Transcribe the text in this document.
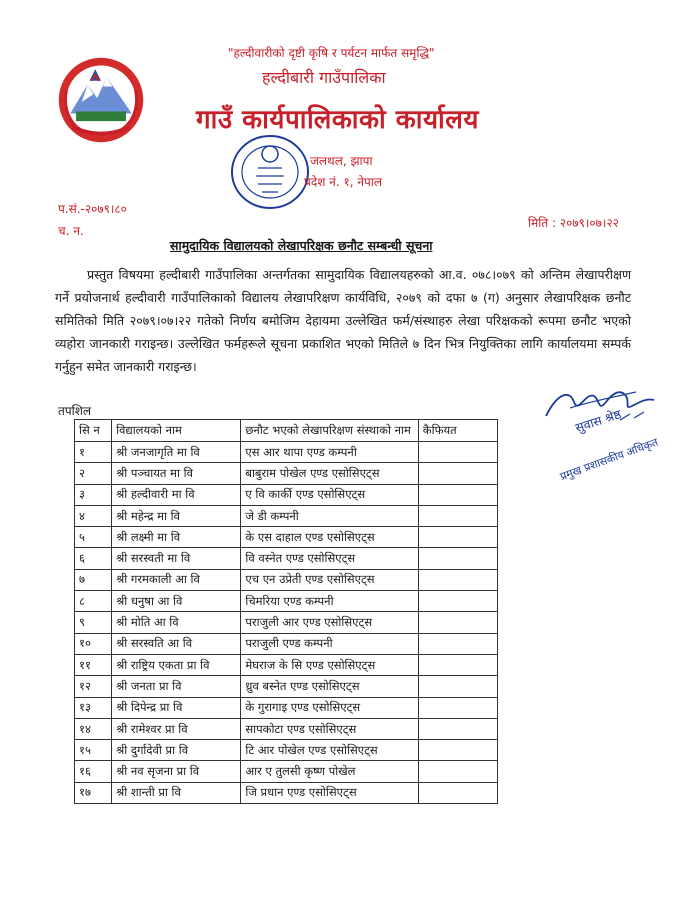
"हल्दीवारीको दृष्टी कृषि र पर्यटन मार्फत समृद्धि"
हल्दीबारी गाउँपालिका
गाउँ कार्यपालिकाको कार्यालय
जलथल, झापा
प्रदेश नं. १, नेपाल
प.सं.-२०७९।८०
च. न.
मिति : २०७९।०७।२२
सामुदायिक विद्यालयको लेखापरिक्षक छनौट सम्बन्धी सूचना
प्रस्तुत विषयमा हल्दीबारी गाउँपालिका अन्तर्गतका सामुदायिक विद्यालयहरुको आ.व. ०७८।०७९ को अन्तिम लेखापरीक्षण गर्ने प्रयोजनार्थ हल्दीवारी गाउँपालिकाको विद्यालय लेखापरिक्षण कार्यविधि, २०७९ को दफा ७ (ग) अनुसार लेखापरिक्षक छनौट समितिको मिति २०७९।०७।२२ गतेको निर्णय बमोजिम देहायमा उल्लेखित फर्म/संस्थाहरु लेखा परिक्षकको रूपमा छनौट भएको व्यहोरा जानकारी गराइन्छ। उल्लेखित फर्महरूले सूचना प्रकाशित भएको मितिले ७ दिन भित्र नियुक्तिका लागि कार्यालयमा सम्पर्क गर्नुहुन समेत जानकारी गराइन्छ।
तपशिल	सुवास श्रेष्ठ
प्रमुख प्रशासकीय अधिकृत
सि न	विद्यालयको नाम	छनौट भएको लेखापरिक्षण संस्थाको नाम	कैफियत
१	श्री जनजागृति मा वि	एस आर थापा एण्ड कम्पनी	
२	श्री पञ्चायत मा वि	बाबुराम पोखेल एण्ड एसोसिएट्स	
३	श्री हल्दीवारी मा वि	ए वि कार्की एण्ड एसोसिएट्स	
४	श्री महेन्द्र मा वि	जे डी कम्पनी	
५	श्री लक्ष्मी मा वि	के एस दाहाल एण्ड एसोसिएट्स	
६	श्री सरस्वती मा वि	वि वस्नेत एण्ड एसोसिएट्स	
७	श्री गरमकाली आ वि	एच एन उप्रेती एण्ड एसोसिएट्स	
८	श्री धनुषा आ वि	चिमरिया एण्ड कम्पनी	
९	श्री मोति आ वि	पराजुली आर एण्ड एसोसिएट्स	
१०	श्री सरस्वति आ वि	पराजुली एण्ड कम्पनी	
११	श्री राष्ट्रिय एकता प्रा वि	मेघराज के सि एण्ड एसोसिएट्स	
१२	श्री जनता प्रा वि	ध्रुव बस्नेत एण्ड एसोसिएट्स	
१३	श्री दिपेन्द्र प्रा वि	के गुरागाइ एण्ड एसोसिएट्स	
१४	श्री रामेश्वर प्रा वि	सापकोटा एण्ड एसोसिएट्स	
१५	श्री दुर्गादेवी प्रा वि	टि आर पोखेल एण्ड एसोसिएट्स	
१६	श्री नव सृजना प्रा वि	आर ए तुलसी कृष्ण पोखेल	
१७	श्री शान्ती प्रा वि	जि प्रधान एण्ड एसोसिएट्स	
